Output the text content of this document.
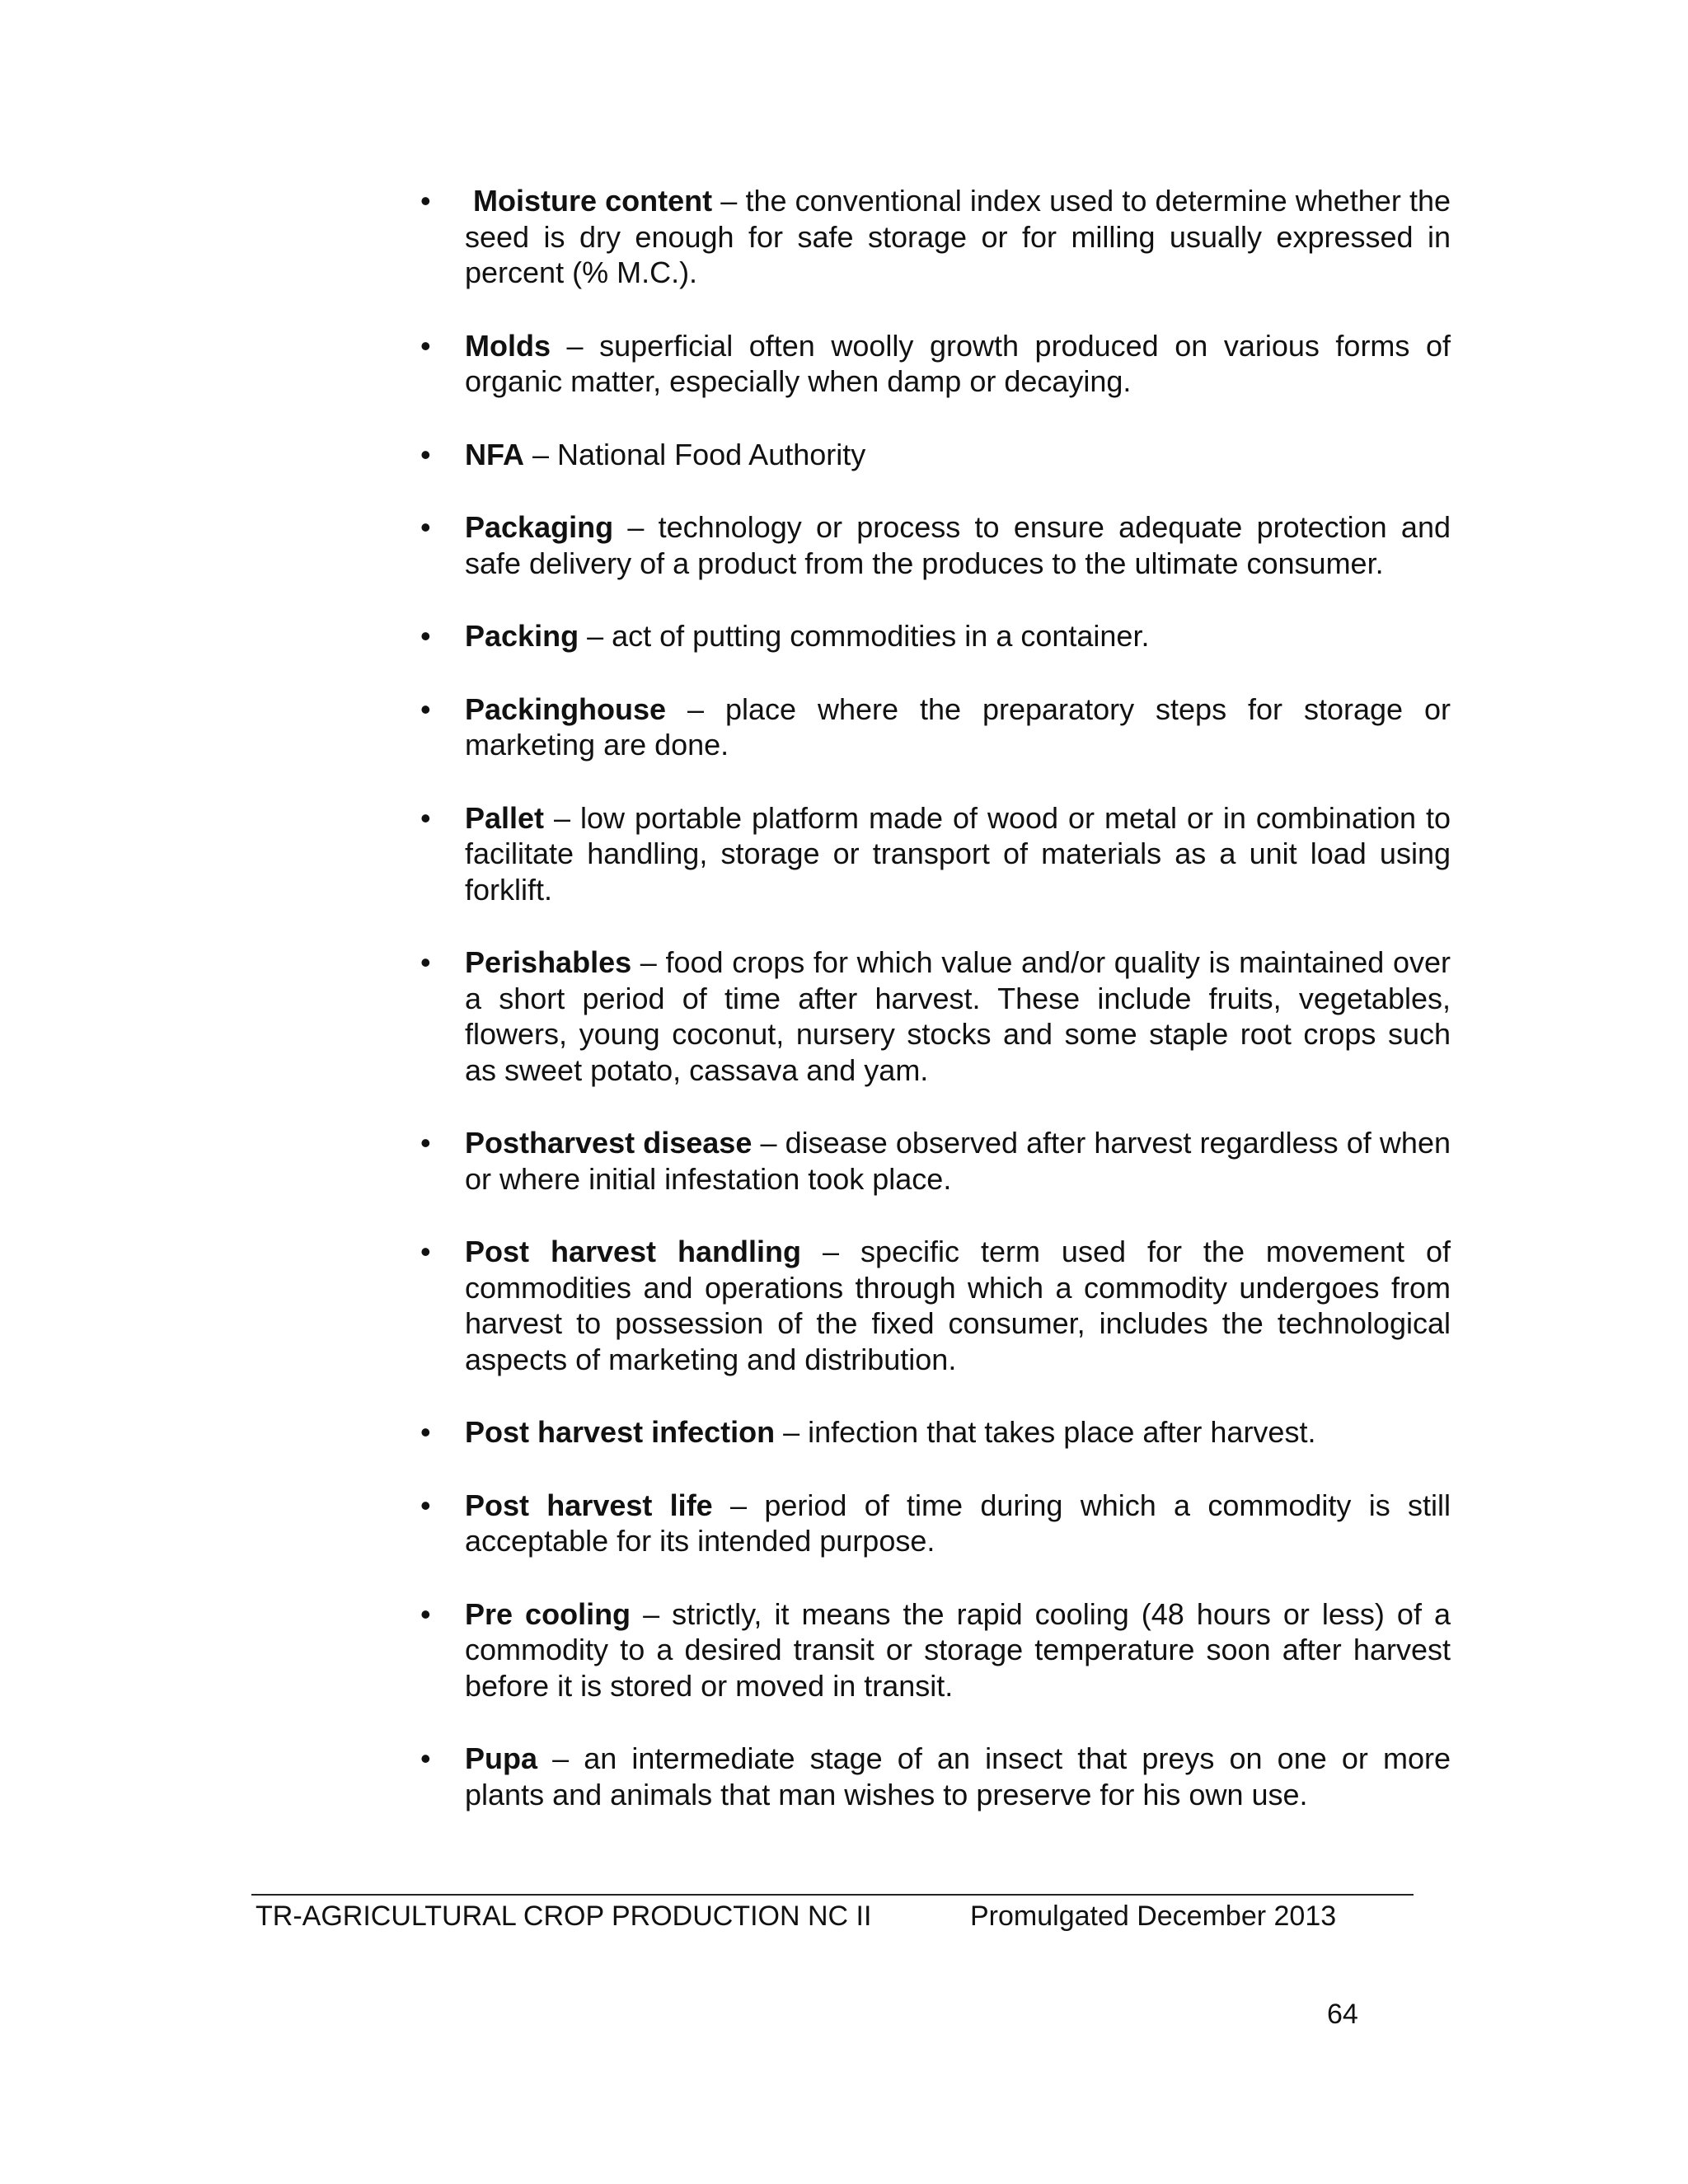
•	Moisture content – the conventional index used to determine whether the seed is dry enough for safe storage or for milling usually expressed in percent (% M.C.).
•	Molds – superficial often woolly growth produced on various forms of organic matter, especially when damp or decaying.
•	NFA – National Food Authority
•	Packaging – technology or process to ensure adequate protection and safe delivery of a product from the produces to the ultimate consumer.
•	Packing – act of putting commodities in a container.
•	Packinghouse – place where the preparatory steps for storage or marketing are done.
•	Pallet – low portable platform made of wood or metal or in combination to facilitate handling, storage or transport of materials as a unit load using forklift.
•	Perishables – food crops for which value and/or quality is maintained over a short period of time after harvest. These include fruits, vegetables, flowers, young coconut, nursery stocks and some staple root crops such as sweet potato, cassava and yam.
•	Postharvest disease – disease observed after harvest regardless of when or where initial infestation took place.
•	Post harvest handling – specific term used for the movement of commodities and operations through which a commodity undergoes from harvest to possession of the fixed consumer, includes the technological aspects of marketing and distribution.
•	Post harvest infection – infection that takes place after harvest.
•	Post harvest life – period of time during which a commodity is still acceptable for its intended purpose.
•	Pre cooling – strictly, it means the rapid cooling (48 hours or less) of a commodity to a desired transit or storage temperature soon after harvest before it is stored or moved in transit.
•	Pupa – an intermediate stage of an insect that preys on one or more plants and animals that man wishes to preserve for his own use.
TR-AGRICULTURAL CROP PRODUCTION NC II	Promulgated December 2013
64
